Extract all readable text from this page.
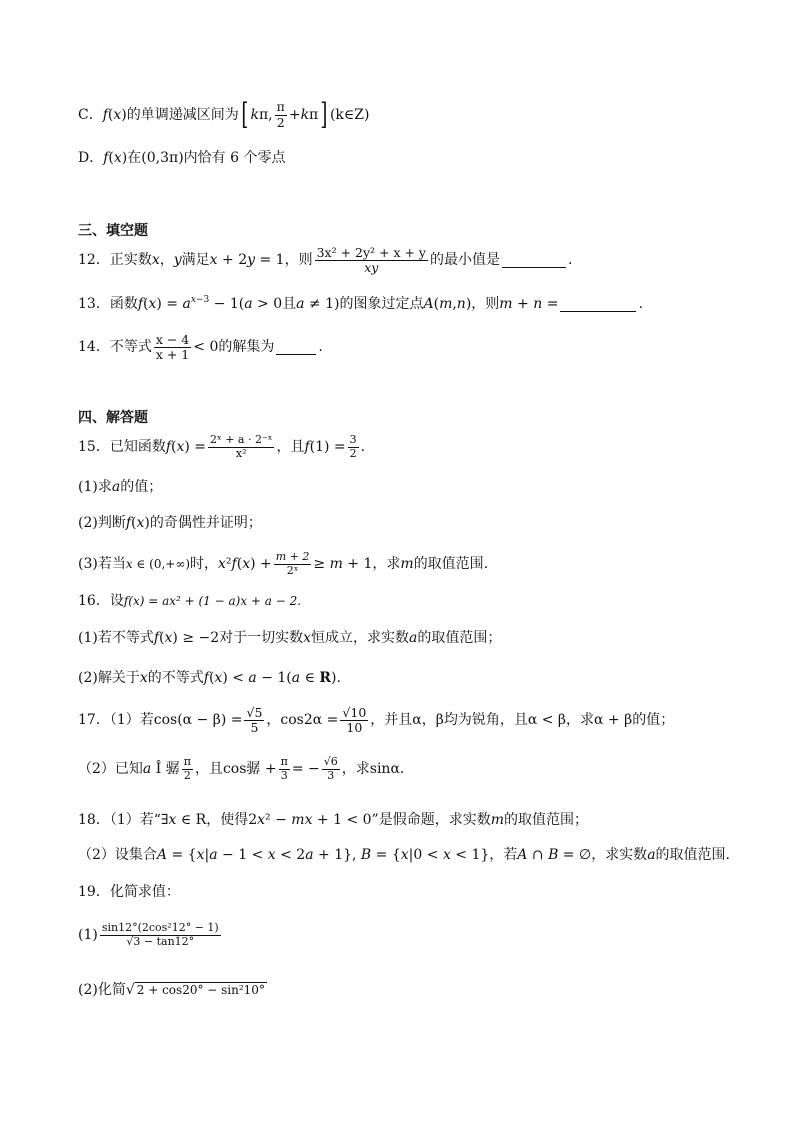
C． f ( x ) 的单调递减区间为 [ k π, $\frac{\pi}{2} + k$ π ] (k∈Z)
D． f ( x ) 在 (0,3π) 内恰有 6 个零点
三、填空题
12．正实数 x ， y 满足 x + 2y = 1 ，则 $\frac{\text{3x² + 2y² + x + y}}{xy}$ 的最小值是	.
13．函数 $f(x) = a^{x-3} - 1(a > 0$ 且 a ≠ 1) 的图象过定点 A(m,n) ，则 m + n =	.
14．不等式 $\frac{x - 4}{x + 1} < 0$ 的解集为	.
四、解答题
15．已知函数 $f(x) = \frac{\text{2ˣ + a · 2⁻ˣ}}{\text{x²}}$ ，且 $f(1) = \frac{3}{2}$ .
(1)求 a 的值；
(2)判断 f(x) 的奇偶性并证明；
(3)若当 x ∈ (0,+∞) 时， $x^2f(x) + \frac{m + 2}{\text{2ˣ}} \ge m + 1$ ，求 m 的取值范围.
16．设 f(x) = ax² + (1 − a)x + a − 2.
(1)若不等式 f(x) ≥ −2 对于一切实数 x 恒成立，求实数 a 的取值范围；
(2)解关于 x 的不等式 f(x) < a − 1(a ∈ R).
17．（1）若 $\cos(\alpha - \beta) = \frac{√5}{5}$ ， $\cos 2\alpha = \frac{√10}{10}$ ，并且 α，β 均为锐角，且 α < β ，求 α + β 的值；
（2）已知 a Î 骣 $\frac{\pi}{2}$ ，且 cos骣 + $\frac{\pi}{3}$ = − $\frac{√6}{3}$ ，求 sinα.
18．（1）若“ ∃x ∈ R ，使得 2x² − mx + 1 < 0 ”是假命题，求实数 m 的取值范围；
（2）设集合 A = {x|a − 1 < x < 2a + 1}, B = {x|0 < x < 1} ，若 A ∩ B = ∅ ，求实数 a 的取值范围.
19．化简求值：
$(1) \frac{\text{sin12°(2cos²12° − 1)}}{√3 - \tan 12^\circ}$
(2)化简 √ 2 + cos20° − sin²10°
